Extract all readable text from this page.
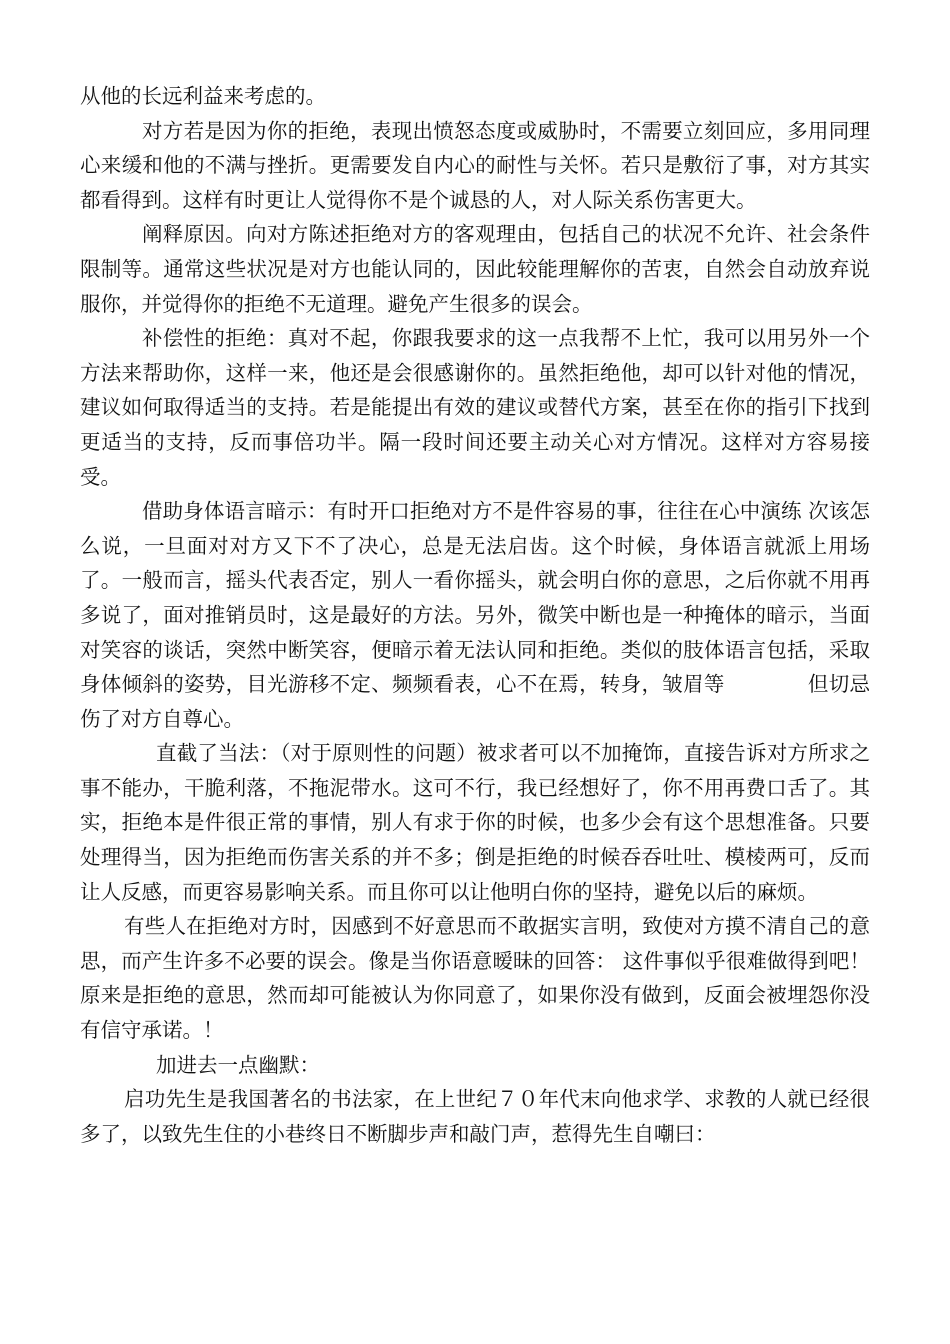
从他的长远利益来考虑的。

对方若是因为你的拒绝，表现出愤怒态度或威胁时，不需要立刻回应，多用同理心来缓和他的不满与挫折。更需要发自内心的耐性与关怀。若只是敷衍了事，对方其实都看得到。这样有时更让人觉得你不是个诚恳的人，对人际关系伤害更大。

阐释原因。向对方陈述拒绝对方的客观理由，包括自己的状况不允许、社会条件限制等。通常这些状况是对方也能认同的，因此较能理解你的苦衷，自然会自动放弃说服你，并觉得你的拒绝不无道理。避免产生很多的误会。

补偿性的拒绝：真对不起，你跟我要求的这一点我帮不上忙，我可以用另外一个方法来帮助你，这样一来，他还是会很感谢你的。虽然拒绝他，却可以针对他的情况，建议如何取得适当的支持。若是能提出有效的建议或替代方案，甚至在你的指引下找到更适当的支持，反而事倍功半。隔一段时间还要主动关心对方情况。这样对方容易接受。

借助身体语言暗示：有时开口拒绝对方不是件容易的事，往往在心中演练 次该怎么说，一旦面对对方又下不了决心，总是无法启齿。这个时候，身体语言就派上用场了。一般而言，摇头代表否定，别人一看你摇头，就会明白你的意思，之后你就不用再多说了，面对推销员时，这是最好的方法。另外，微笑中断也是一种掩体的暗示，当面对笑容的谈话，突然中断笑容，便暗示着无法认同和拒绝。类似的肢体语言包括，采取身体倾斜的姿势，目光游移不定、频频看表，心不在焉，转身，皱眉等　　　　但切忌伤了对方自尊心。

直截了当法：（对于原则性的问题）被求者可以不加掩饰，直接告诉对方所求之事不能办，干脆利落，不拖泥带水。这可不行，我已经想好了，你不用再费口舌了。其实，拒绝本是件很正常的事情，别人有求于你的时候，也多少会有这个思想准备。只要处理得当，因为拒绝而伤害关系的并不多；倒是拒绝的时候吞吞吐吐、模棱两可，反而让人反感，而更容易影响关系。而且你可以让他明白你的坚持，避免以后的麻烦。

有些人在拒绝对方时，因感到不好意思而不敢据实言明，致使对方摸不清自己的意思，而产生许多不必要的误会。像是当你语意暧昧的回答： 这件事似乎很难做得到吧！ 原来是拒绝的意思，然而却可能被认为你同意了，如果你没有做到，反面会被埋怨你没有信守承诺。！

加进去一点幽默：

启功先生是我国著名的书法家，在上世纪７０年代末向他求学、求教的人就已经很多了，以致先生住的小巷终日不断脚步声和敲门声，惹得先生自嘲曰：
